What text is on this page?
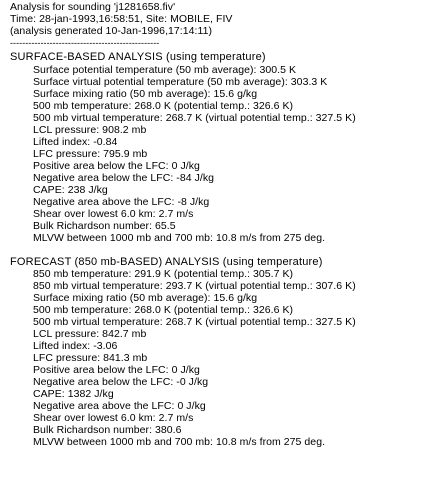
Analysis for sounding 'j1281658.fiv'
Time: 28-jan-1993,16:58:51, Site: MOBILE, FIV
(analysis generated 10-Jan-1996,17:14:11)
-------------------------------------------------
SURFACE-BASED ANALYSIS (using temperature)
Surface potential temperature (50 mb average): 300.5 K
Surface virtual potential temperature (50 mb average): 303.3 K
Surface mixing ratio (50 mb average): 15.6 g/kg
500 mb temperature: 268.0 K (potential temp.: 326.6 K)
500 mb virtual temperature: 268.7 K (virtual potential temp.: 327.5 K)
LCL pressure: 908.2 mb
Lifted index: -0.84
LFC pressure: 795.9 mb
Positive area below the LFC: 0 J/kg
Negative area below the LFC: -84 J/kg
CAPE: 238 J/kg
Negative area above the LFC: -8 J/kg
Shear over lowest 6.0 km: 2.7 m/s
Bulk Richardson number: 65.5
MLVW between 1000 mb and 700 mb: 10.8 m/s from 275 deg.
FORECAST (850 mb-BASED) ANALYSIS (using temperature)
850 mb temperature: 291.9 K (potential temp.: 305.7 K)
850 mb virtual temperature: 293.7 K (virtual potential temp.: 307.6 K)
Surface mixing ratio (50 mb average): 15.6 g/kg
500 mb temperature: 268.0 K (potential temp.: 326.6 K)
500 mb virtual temperature: 268.7 K (virtual potential temp.: 327.5 K)
LCL pressure: 842.7 mb
Lifted index: -3.06
LFC pressure: 841.3 mb
Positive area below the LFC: 0 J/kg
Negative area below the LFC: -0 J/kg
CAPE: 1382 J/kg
Negative area above the LFC: 0 J/kg
Shear over lowest 6.0 km: 2.7 m/s
Bulk Richardson number: 380.6
MLVW between 1000 mb and 700 mb: 10.8 m/s from 275 deg.
